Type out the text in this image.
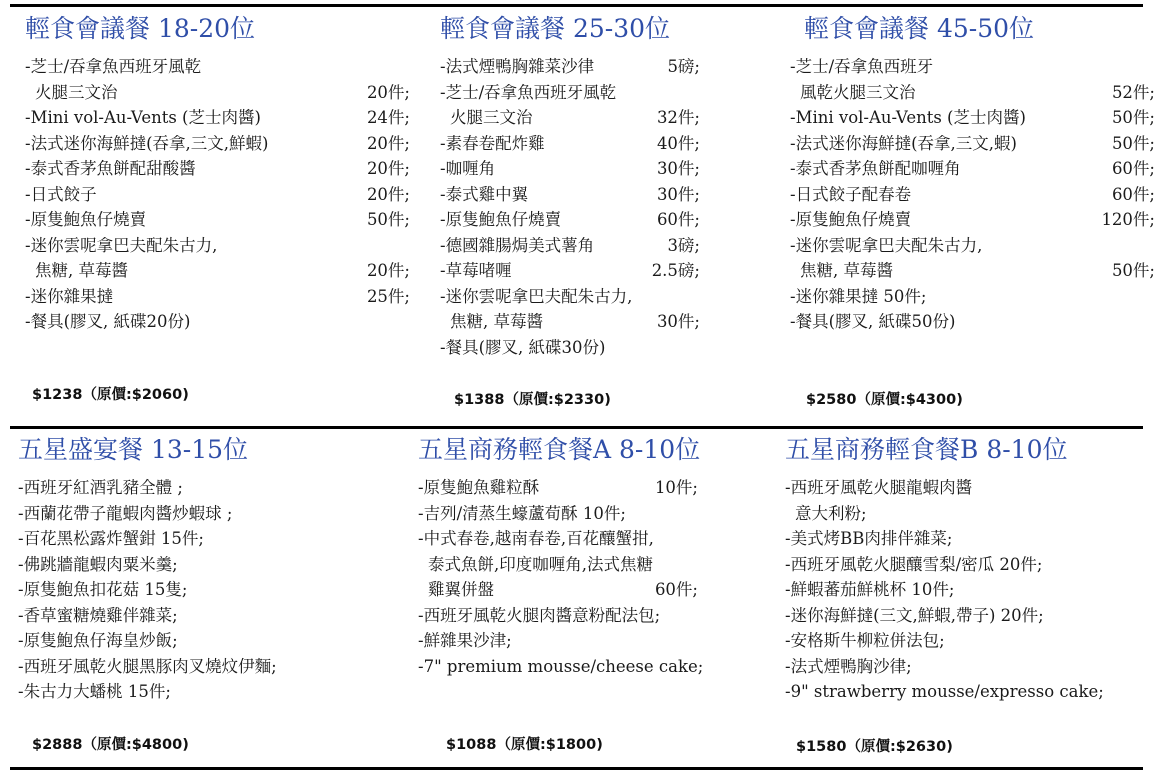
輕食會議餐 18-20位
-芝士/吞拿魚西班牙風乾
火腿三文治	20件;
-Mini vol-Au-Vents (芝士肉醬)	24件;
-法式迷你海鮮撻(吞拿,三文,鮮蝦)	20件;
-泰式香茅魚餅配甜酸醬	20件;
-日式餃子	20件;
-原隻鮑魚仔燒賣	50件;
-迷你雲呢拿巴夫配朱古力,
焦糖, 草莓醬	20件;
-迷你雜果撻	25件;
-餐具(膠叉, 紙碟20份)
$1238（原價:$2060)
輕食會議餐 25-30位
-法式煙鴨胸雜菜沙律	5磅;
-芝士/吞拿魚西班牙風乾
火腿三文治	32件;
-素春卷配炸雞	40件;
-咖喱角	30件;
-泰式雞中翼	30件;
-原隻鮑魚仔燒賣	60件;
-德國雜腸焗美式薯角	3磅;
-草莓啫喱	2.5磅;
-迷你雲呢拿巴夫配朱古力,
焦糖, 草莓醬	30件;
-餐具(膠叉, 紙碟30份)
$1388（原價:$2330)
輕食會議餐 45-50位
-芝士/吞拿魚西班牙
風乾火腿三文治	52件;
-Mini vol-Au-Vents (芝士肉醬)	50件;
-法式迷你海鮮撻(吞拿,三文,蝦)	50件;
-泰式香茅魚餅配咖喱角	60件;
-日式餃子配春卷	60件;
-原隻鮑魚仔燒賣	120件;
-迷你雲呢拿巴夫配朱古力,
焦糖, 草莓醬	50件;
-迷你雜果撻 50件;
-餐具(膠叉, 紙碟50份)
$2580（原價:$4300)
五星盛宴餐 13-15位
-西班牙紅酒乳豬全體 ;
-西蘭花帶子龍蝦肉醬炒蝦球 ;
-百花黑松露炸蟹鉗 15件;
-佛跳牆龍蝦肉粟米羹;
-原隻鮑魚扣花菇 15隻;
-香草蜜糖燒雞伴雜菜;
-原隻鮑魚仔海皇炒飯;
-西班牙風乾火腿黑豚肉叉燒炆伊麵;
-朱古力大蟠桃 15件;
$2888（原價:$4800)
五星商務輕食餐A 8-10位
-原隻鮑魚雞粒酥	10件;
-吉列/清蒸生蠔蘆荀酥 10件;
-中式春卷,越南春卷,百花釀蟹拑,
泰式魚餅,印度咖喱角,法式焦糖
雞翼併盤	60件;
-西班牙風乾火腿肉醬意粉配法包;
-鮮雜果沙津;
-7" premium mousse/cheese cake;
$1088（原價:$1800)
五星商務輕食餐B 8-10位
-西班牙風乾火腿龍蝦肉醬
意大利粉;
-美式烤BB肉排伴雜菜;
-西班牙風乾火腿釀雪梨/密瓜 20件;
-鮮蝦蕃茄鮮桃杯 10件;
-迷你海鮮撻(三文,鮮蝦,帶子) 20件;
-安格斯牛柳粒併法包;
-法式煙鴨胸沙律;
-9" strawberry mousse/expresso cake;
$1580（原價:$2630)
